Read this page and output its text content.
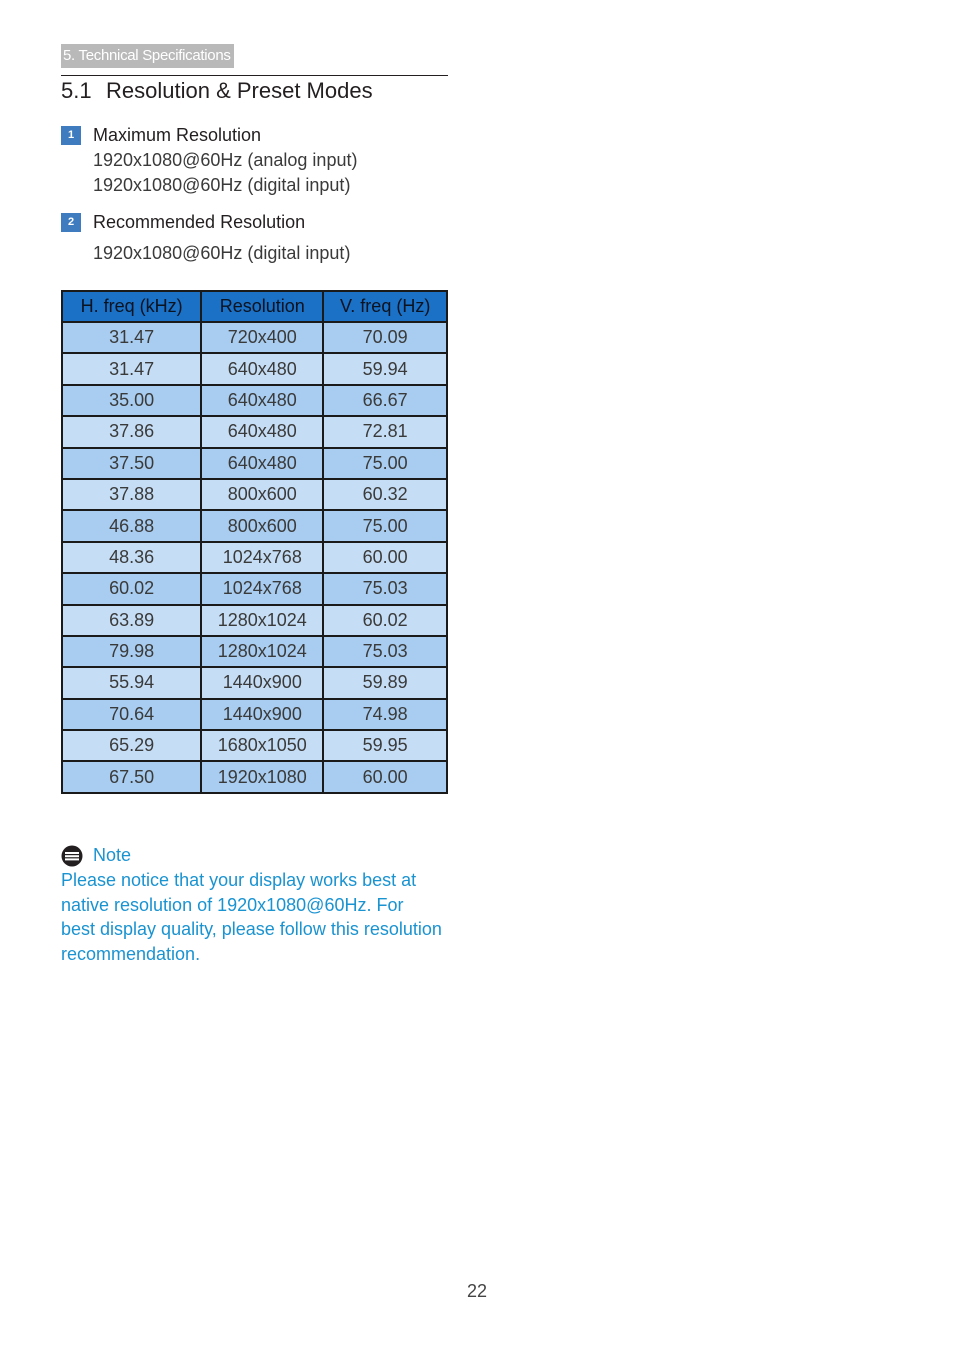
5. Technical Specifications
5.1 Resolution & Preset Modes
1	Maximum Resolution
1920x1080@60Hz (analog input)
1920x1080@60Hz (digital input)
2	Recommended Resolution
1920x1080@60Hz (digital input)
H. freq (kHz)	Resolution	V. freq (Hz)
31.47	720x400	70.09
31.47	640x480	59.94
35.00	640x480	66.67
37.86	640x480	72.81
37.50	640x480	75.00
37.88	800x600	60.32
46.88	800x600	75.00
48.36	1024x768	60.00
60.02	1024x768	75.03
63.89	1280x1024	60.02
79.98	1280x1024	75.03
55.94	1440x900	59.89
70.64	1440x900	74.98
65.29	1680x1050	59.95
67.50	1920x1080	60.00
Note
Please notice that your display works best at
native resolution of 1920x1080@60Hz. For
best display quality, please follow this resolution
recommendation.
22
